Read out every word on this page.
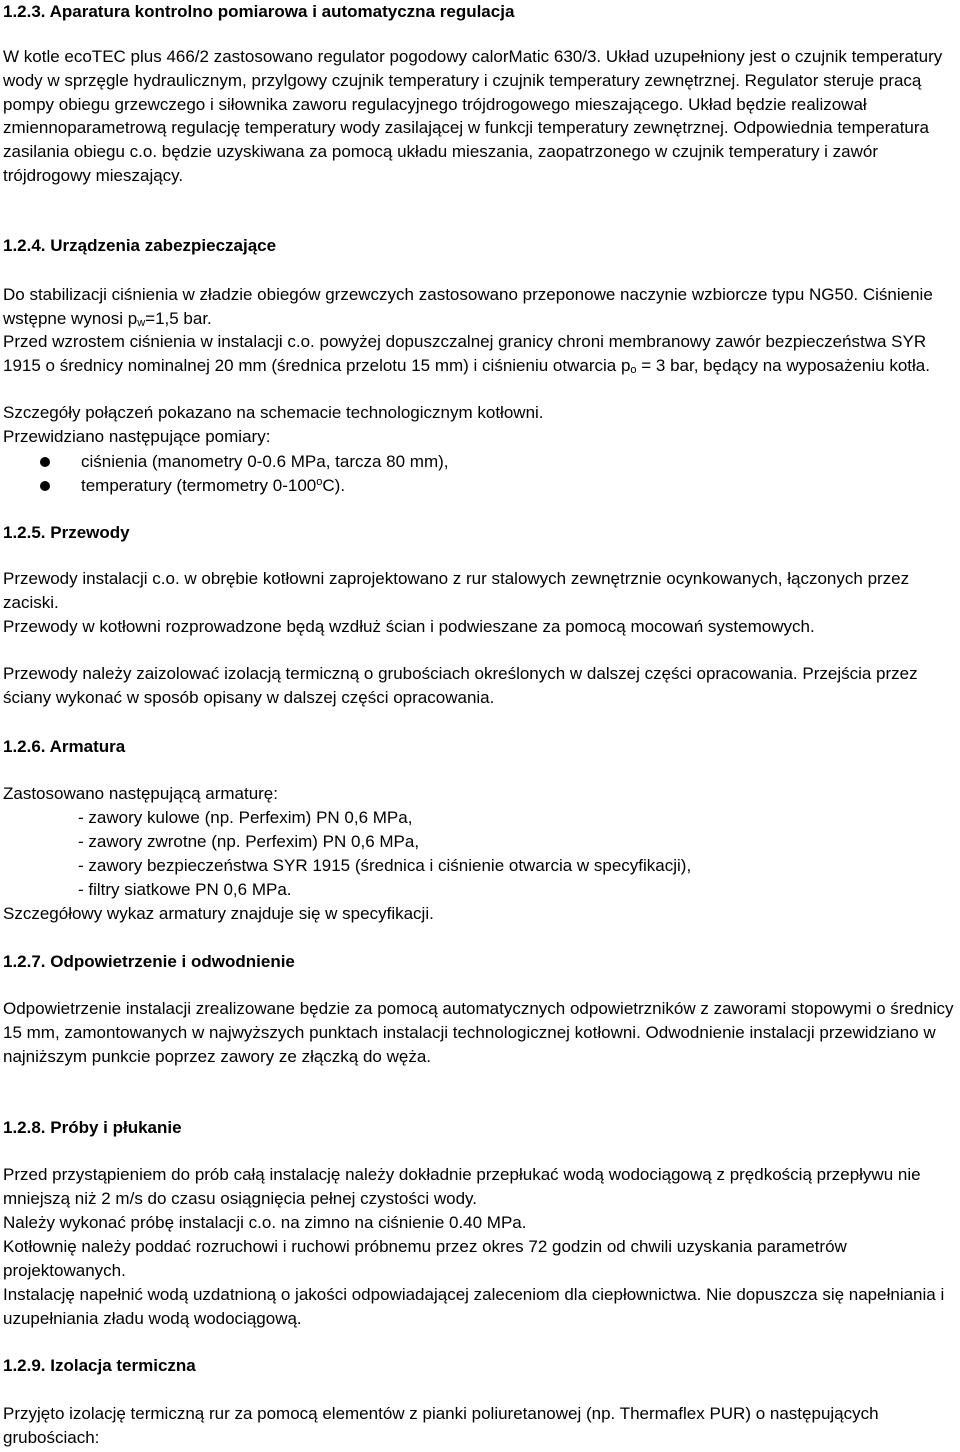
1.2.3. Aparatura kontrolno pomiarowa i automatyczna regulacja
W kotle ecoTEC plus 466/2 zastosowano regulator pogodowy calorMatic 630/3. Układ uzupełniony jest o czujnik temperatury wody w sprzęgle hydraulicznym, przylgowy czujnik temperatury i czujnik temperatury zewnętrznej. Regulator steruje pracą pompy obiegu grzewczego i siłownika zaworu regulacyjnego trójdrogowego mieszającego. Układ będzie realizował zmiennoparametrową regulację temperatury wody zasilającej w funkcji temperatury zewnętrznej. Odpowiednia temperatura zasilania obiegu c.o. będzie uzyskiwana za pomocą układu mieszania, zaopatrzonego w czujnik temperatury i zawór trójdrogowy mieszający.
1.2.4. Urządzenia zabezpieczające
Do stabilizacji ciśnienia w zładzie obiegów grzewczych zastosowano przeponowe naczynie wzbiorcze typu NG50. Ciśnienie wstępne wynosi $p_w=1,5$ bar.
Przed wzrostem ciśnienia w instalacji c.o. powyżej dopuszczalnej granicy chroni membranowy zawór bezpieczeństwa SYR 1915 o średnicy nominalnej 20 mm (średnica przelotu 15 mm) i ciśnieniu otwarcia $p_o = 3$ bar, będący na wyposażeniu kotła.
Szczegóły połączeń pokazano na schemacie technologicznym kotłowni.
Przewidziano następujące pomiary:
ciśnienia (manometry 0-0.6 MPa, tarcza 80 mm),
temperatury (termometry 0-100$^o$C).
1.2.5. Przewody
Przewody instalacji c.o. w obrębie kotłowni zaprojektowano z rur stalowych zewnętrznie ocynkowanych, łączonych przez zaciski.
Przewody w kotłowni rozprowadzone będą wzdłuż ścian i podwieszane za pomocą mocowań systemowych.
Przewody należy zaizolować izolacją termiczną o grubościach określonych w dalszej części opracowania. Przejścia przez ściany wykonać w sposób opisany w dalszej części opracowania.
1.2.6. Armatura
Zastosowano następującą armaturę:
- zawory kulowe (np. Perfexim) PN 0,6 MPa,
- zawory zwrotne (np. Perfexim) PN 0,6 MPa,
- zawory bezpieczeństwa SYR 1915 (średnica i ciśnienie otwarcia w specyfikacji),
- filtry siatkowe PN 0,6 MPa.
Szczegółowy wykaz armatury znajduje się w specyfikacji.
1.2.7. Odpowietrzenie i odwodnienie
Odpowietrzenie instalacji zrealizowane będzie za pomocą automatycznych odpowietrzników z zaworami stopowymi o średnicy 15 mm, zamontowanych w najwyższych punktach instalacji technologicznej kotłowni. Odwodnienie instalacji przewidziano w najniższym punkcie poprzez zawory ze złączką do węża.
1.2.8. Próby i płukanie
Przed przystąpieniem do prób całą instalację należy dokładnie przepłukać wodą wodociągową z prędkością przepływu nie mniejszą niż 2 m/s do czasu osiągnięcia pełnej czystości wody.
Należy wykonać próbę instalacji c.o. na zimno na ciśnienie 0.40 MPa.
Kotłownię należy poddać rozruchowi i ruchowi próbnemu przez okres 72 godzin od chwili uzyskania parametrów projektowanych.
Instalację napełnić wodą uzdatnioną o jakości odpowiadającej zaleceniom dla ciepłownictwa. Nie dopuszcza się napełniania i uzupełniania zładu wodą wodociągową.
1.2.9. Izolacja termiczna
Przyjęto izolację termiczną rur za pomocą elementów z pianki poliuretanowej (np. Thermaflex PUR) o następujących grubościach:
